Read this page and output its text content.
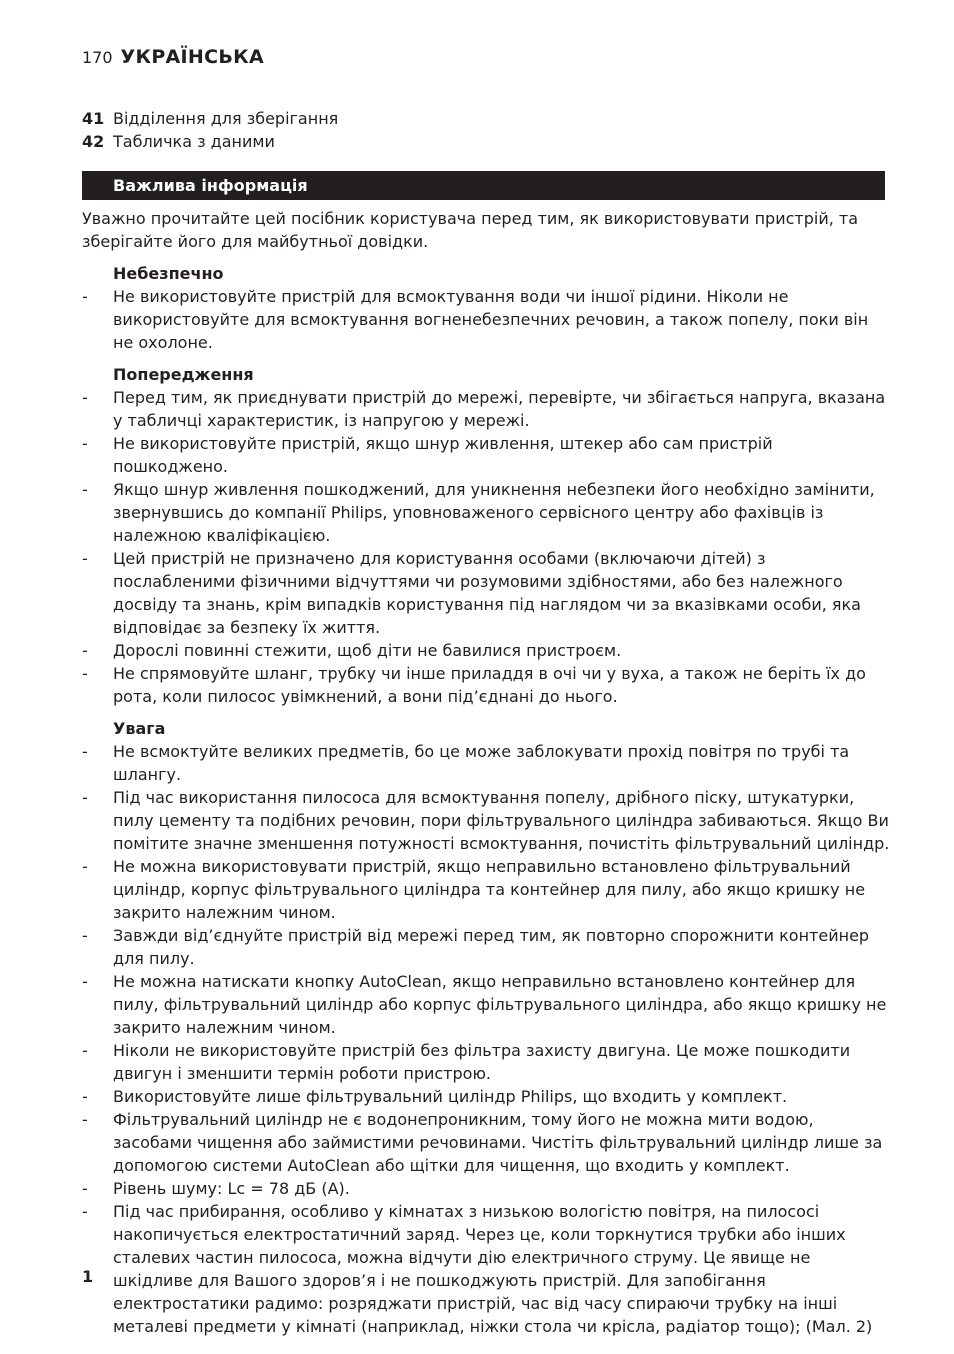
170 УКРАЇНСЬКА
41 Відділення для зберігання
42 Табличка з даними
Важлива інформація

Уважно прочитайте цей посібник користувача перед тим, як використовувати пристрій, та зберігайте його для майбутньої довідки.

Небезпечно
- Не використовуйте пристрій для всмоктування води чи іншої рідини. Ніколи не використовуйте для всмоктування вогненебезпечних речовин, а також попелу, поки він не охолоне.
Попередження
- Перед тим, як приєднувати пристрій до мережі, перевірте, чи збігається напруга, вказана у табличці характеристик, із напругою у мережі.
- Не використовуйте пристрій, якщо шнур живлення, штекер або сам пристрій пошкоджено.
- Якщо шнур живлення пошкоджений, для уникнення небезпеки його необхідно замінити, звернувшись до компанії Philips, уповноваженого сервісного центру або фахівців із належною кваліфікацією.
- Цей пристрій не призначено для користування особами (включаючи дітей) з послабленими фізичними відчуттями чи розумовими здібностями, або без належного досвіду та знань, крім випадків користування під наглядом чи за вказівками особи, яка відповідає за безпеку їх життя.
- Дорослі повинні стежити, щоб діти не бавилися пристроєм.
- Не спрямовуйте шланг, трубку чи інше приладдя в очі чи у вуха, а також не беріть їх до рота, коли пилосос увімкнений, а вони під’єднані до нього.
Увага
- Не всмоктуйте великих предметів, бо це може заблокувати прохід повітря по трубі та шлангу.
- Під час використання пилососа для всмоктування попелу, дрібного піску, штукатурки, пилу цементу та подібних речовин, пори фільтрувального циліндра забиваються. Якщо Ви помітите значне зменшення потужності всмоктування, почистіть фільтрувальний циліндр.
- Не можна використовувати пристрій, якщо неправильно встановлено фільтрувальний циліндр, корпус фільтрувального циліндра та контейнер для пилу, або якщо кришку не закрито належним чином.
- Завжди від’єднуйте пристрій від мережі перед тим, як повторно спорожнити контейнер для пилу.
- Не можна натискати кнопку AutoClean, якщо неправильно встановлено контейнер для пилу, фільтрувальний циліндр або корпус фільтрувального циліндра, або якщо кришку не закрито належним чином.
- Ніколи не використовуйте пристрій без фільтра захисту двигуна. Це може пошкодити двигун і зменшити термін роботи пристрою.
- Використовуйте лише фільтрувальний циліндр Philips, що входить у комплект.
- Фільтрувальний циліндр не є водонепроникним, тому його не можна мити водою, засобами чищення або займистими речовинами. Чистіть фільтрувальний циліндр лише за допомогою системи AutoClean або щітки для чищення, що входить у комплект.
- Рівень шуму: Lc = 78 дБ (A).
- Під час прибирання, особливо у кімнатах з низькою вологістю повітря, на пилососі накопичується електростатичний заряд. Через це, коли торкнутися трубки або інших сталевих частин пилососа, можна відчути дію електричного струму. Це явище не шкідливе для Вашого здоров’я і не пошкоджують пристрій. Для запобігання електростатики радимо: розряджати пристрій, час від часу спираючи трубку на інші металеві предмети у кімнаті (наприклад, ніжки стола чи крісла, радіатор тощо); (Мал. 2)
1
